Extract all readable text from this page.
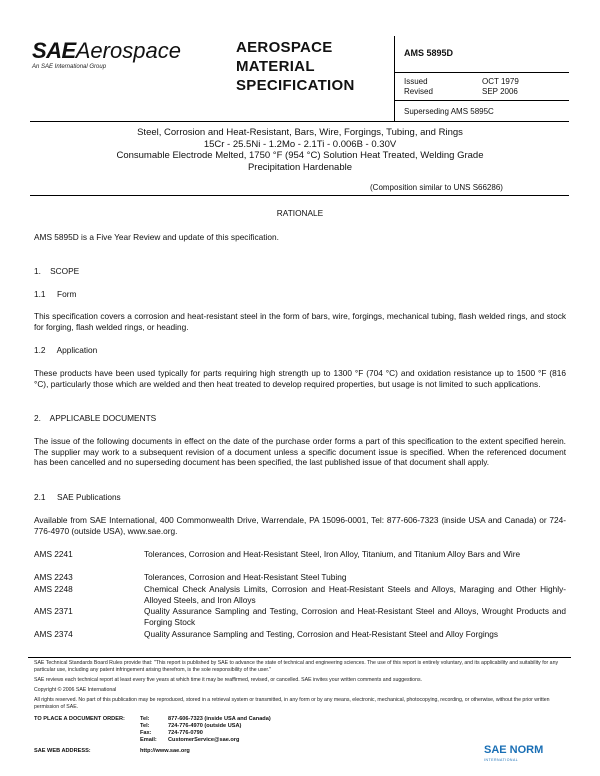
SAEAerospace
An SAE International Group
AEROSPACE
MATERIAL
SPECIFICATION
AMS 5895D
Issued	OCT 1979
Revised	SEP 2006
Superseding AMS 5895C
Steel, Corrosion and Heat-Resistant, Bars, Wire, Forgings, Tubing, and Rings
15Cr - 25.5Ni - 1.2Mo - 2.1Ti - 0.006B - 0.30V
Consumable Electrode Melted, 1750 °F (954 °C) Solution Heat Treated, Welding Grade
Precipitation Hardenable
(Composition similar to UNS S66286)
RATIONALE
AMS 5895D is a Five Year Review and update of this specification.
1.    SCOPE
1.1     Form
This specification covers a corrosion and heat-resistant steel in the form of bars, wire, forgings, mechanical tubing, flash welded rings, and stock for forging, flash welded rings, or heading.
1.2     Application
These products have been used typically for parts requiring high strength up to 1300 °F (704 °C) and oxidation resistance up to 1500 °F (816 °C), particularly those which are welded and then heat treated to develop required properties, but usage is not limited to such applications.
2.    APPLICABLE DOCUMENTS
The issue of the following documents in effect on the date of the purchase order forms a part of this specification to the extent specified herein. The supplier may work to a subsequent revision of a document unless a specific document issue is specified. When the referenced document has been cancelled and no superseding document has been specified, the last published issue of that document shall apply.
2.1     SAE Publications
Available from SAE International, 400 Commonwealth Drive, Warrendale, PA 15096-0001, Tel: 877-606-7323 (inside USA and Canada) or 724-776-4970 (outside USA), www.sae.org.
AMS 2241	Tolerances, Corrosion and Heat-Resistant Steel, Iron Alloy, Titanium, and Titanium Alloy Bars and Wire
AMS 2243	Tolerances, Corrosion and Heat-Resistant Steel Tubing
AMS 2248	Chemical Check Analysis Limits, Corrosion and Heat-Resistant Steels and Alloys, Maraging and Other Highly-Alloyed Steels, and Iron Alloys
AMS 2371	Quality Assurance Sampling and Testing, Corrosion and Heat-Resistant Steel and Alloys, Wrought Products and Forging Stock
AMS 2374	Quality Assurance Sampling and Testing, Corrosion and Heat-Resistant Steel and Alloy Forgings
SAE Technical Standards Board Rules provide that: "This report is published by SAE to advance the state of technical and engineering sciences. The use of this report is entirely voluntary, and its applicability and suitability for any particular use, including any patent infringement arising therefrom, is the sole responsibility of the user."
SAE reviews each technical report at least every five years at which time it may be reaffirmed, revised, or cancelled. SAE invites your written comments and suggestions.
Copyright © 2006 SAE International
All rights reserved. No part of this publication may be reproduced, stored in a retrieval system or transmitted, in any form or by any means, electronic, mechanical, photocopying, recording, or otherwise, without the prior written permission of SAE.
TO PLACE A DOCUMENT ORDER:	Tel:	877-606-7323 (inside USA and Canada)
Tel:	724-776-4970 (outside USA)
Fax:	724-776-0790
Email: CustomerService@sae.org
SAE WEB ADDRESS:	http://www.sae.org	SAE NORM
INTERNATIONAL
